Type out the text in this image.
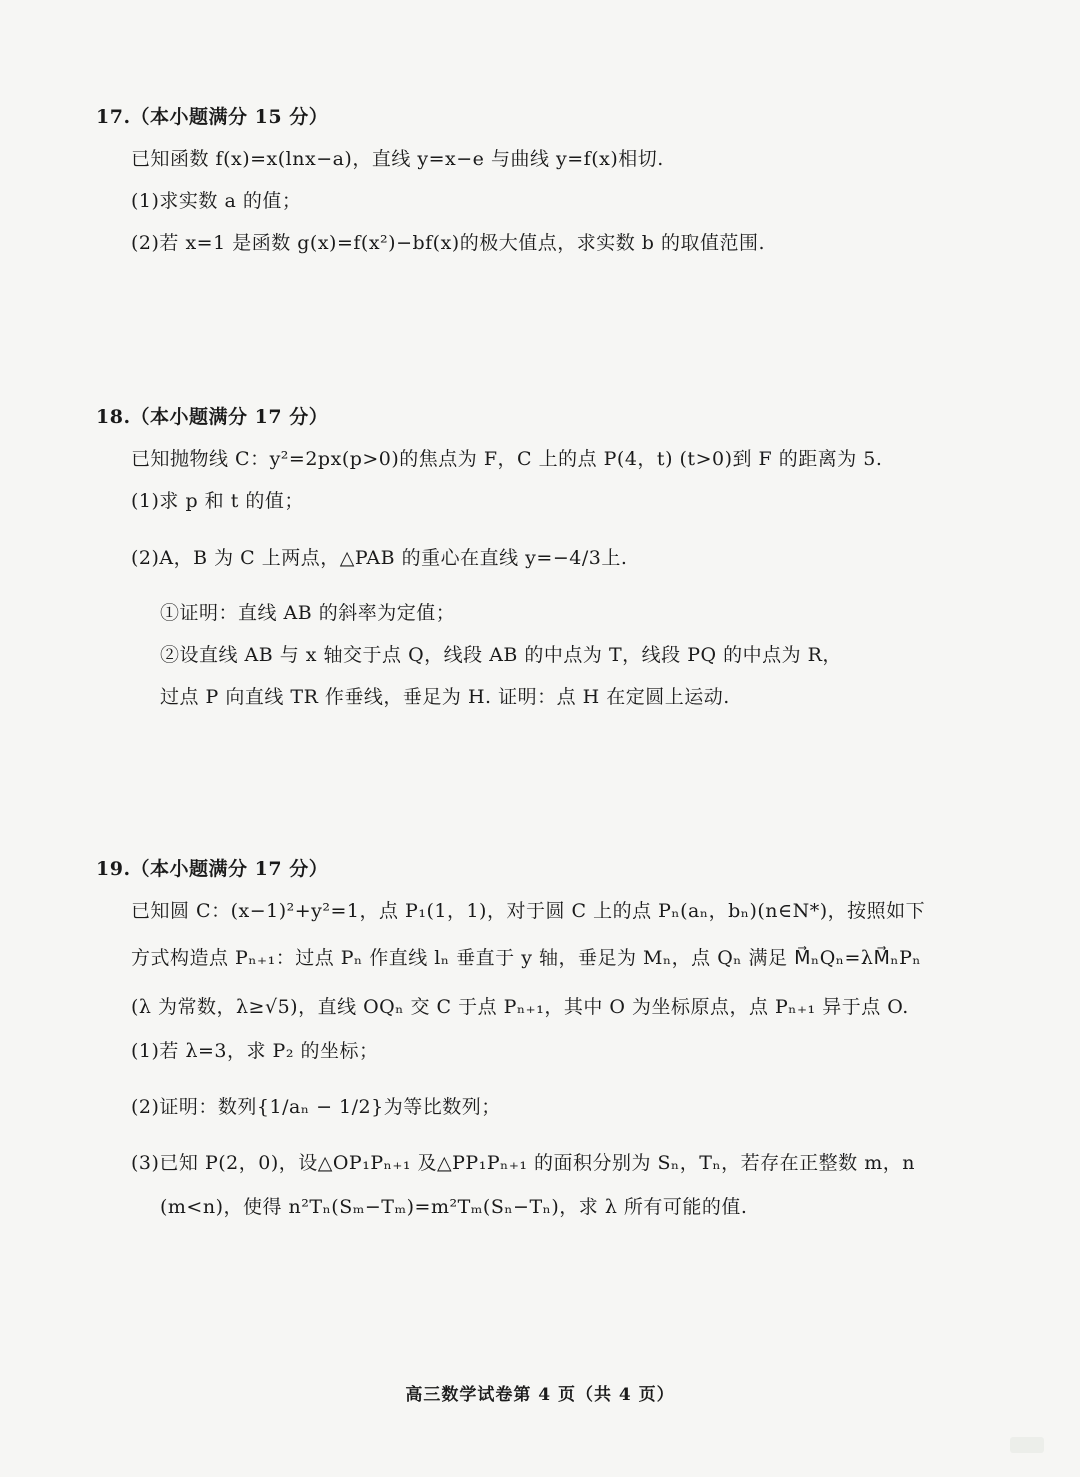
17.（本小题满分 15 分）
已知函数 f(x)=x(lnx−a)，直线 y=x−e 与曲线 y=f(x)相切.
(1)求实数 a 的值；
(2)若 x=1 是函数 g(x)=f(x²)−bf(x)的极大值点，求实数 b 的取值范围.
18.（本小题满分 17 分）
已知抛物线 C：y²=2px(p>0)的焦点为 F，C 上的点 P(4，t) (t>0)到 F 的距离为 5.
(1)求 p 和 t 的值；
(2)A，B 为 C 上两点，△PAB 的重心在直线 y=−4/3上.
①证明：直线 AB 的斜率为定值；
②设直线 AB 与 x 轴交于点 Q，线段 AB 的中点为 T，线段 PQ 的中点为 R，
过点 P 向直线 TR 作垂线，垂足为 H. 证明：点 H 在定圆上运动.
19.（本小题满分 17 分）
已知圆 C：(x−1)²+y²=1，点 P₁(1，1)，对于圆 C 上的点 Pₙ(aₙ，bₙ)(n∈N*)，按照如下
方式构造点 Pₙ₊₁：过点 Pₙ 作直线 lₙ 垂直于 y 轴，垂足为 Mₙ，点 Qₙ 满足 M⃗ₙQₙ=λM⃗ₙPₙ
(λ 为常数，λ≥√5)，直线 OQₙ 交 C 于点 Pₙ₊₁，其中 O 为坐标原点，点 Pₙ₊₁ 异于点 O.
(1)若 λ=3，求 P₂ 的坐标；
(2)证明：数列{1/aₙ − 1/2}为等比数列；
(3)已知 P(2，0)，设△OP₁Pₙ₊₁ 及△PP₁Pₙ₊₁ 的面积分别为 Sₙ，Tₙ，若存在正整数 m，n
(m<n)，使得 n²Tₙ(Sₘ−Tₘ)=m²Tₘ(Sₙ−Tₙ)，求 λ 所有可能的值.
高三数学试卷第 4 页（共 4 页）
